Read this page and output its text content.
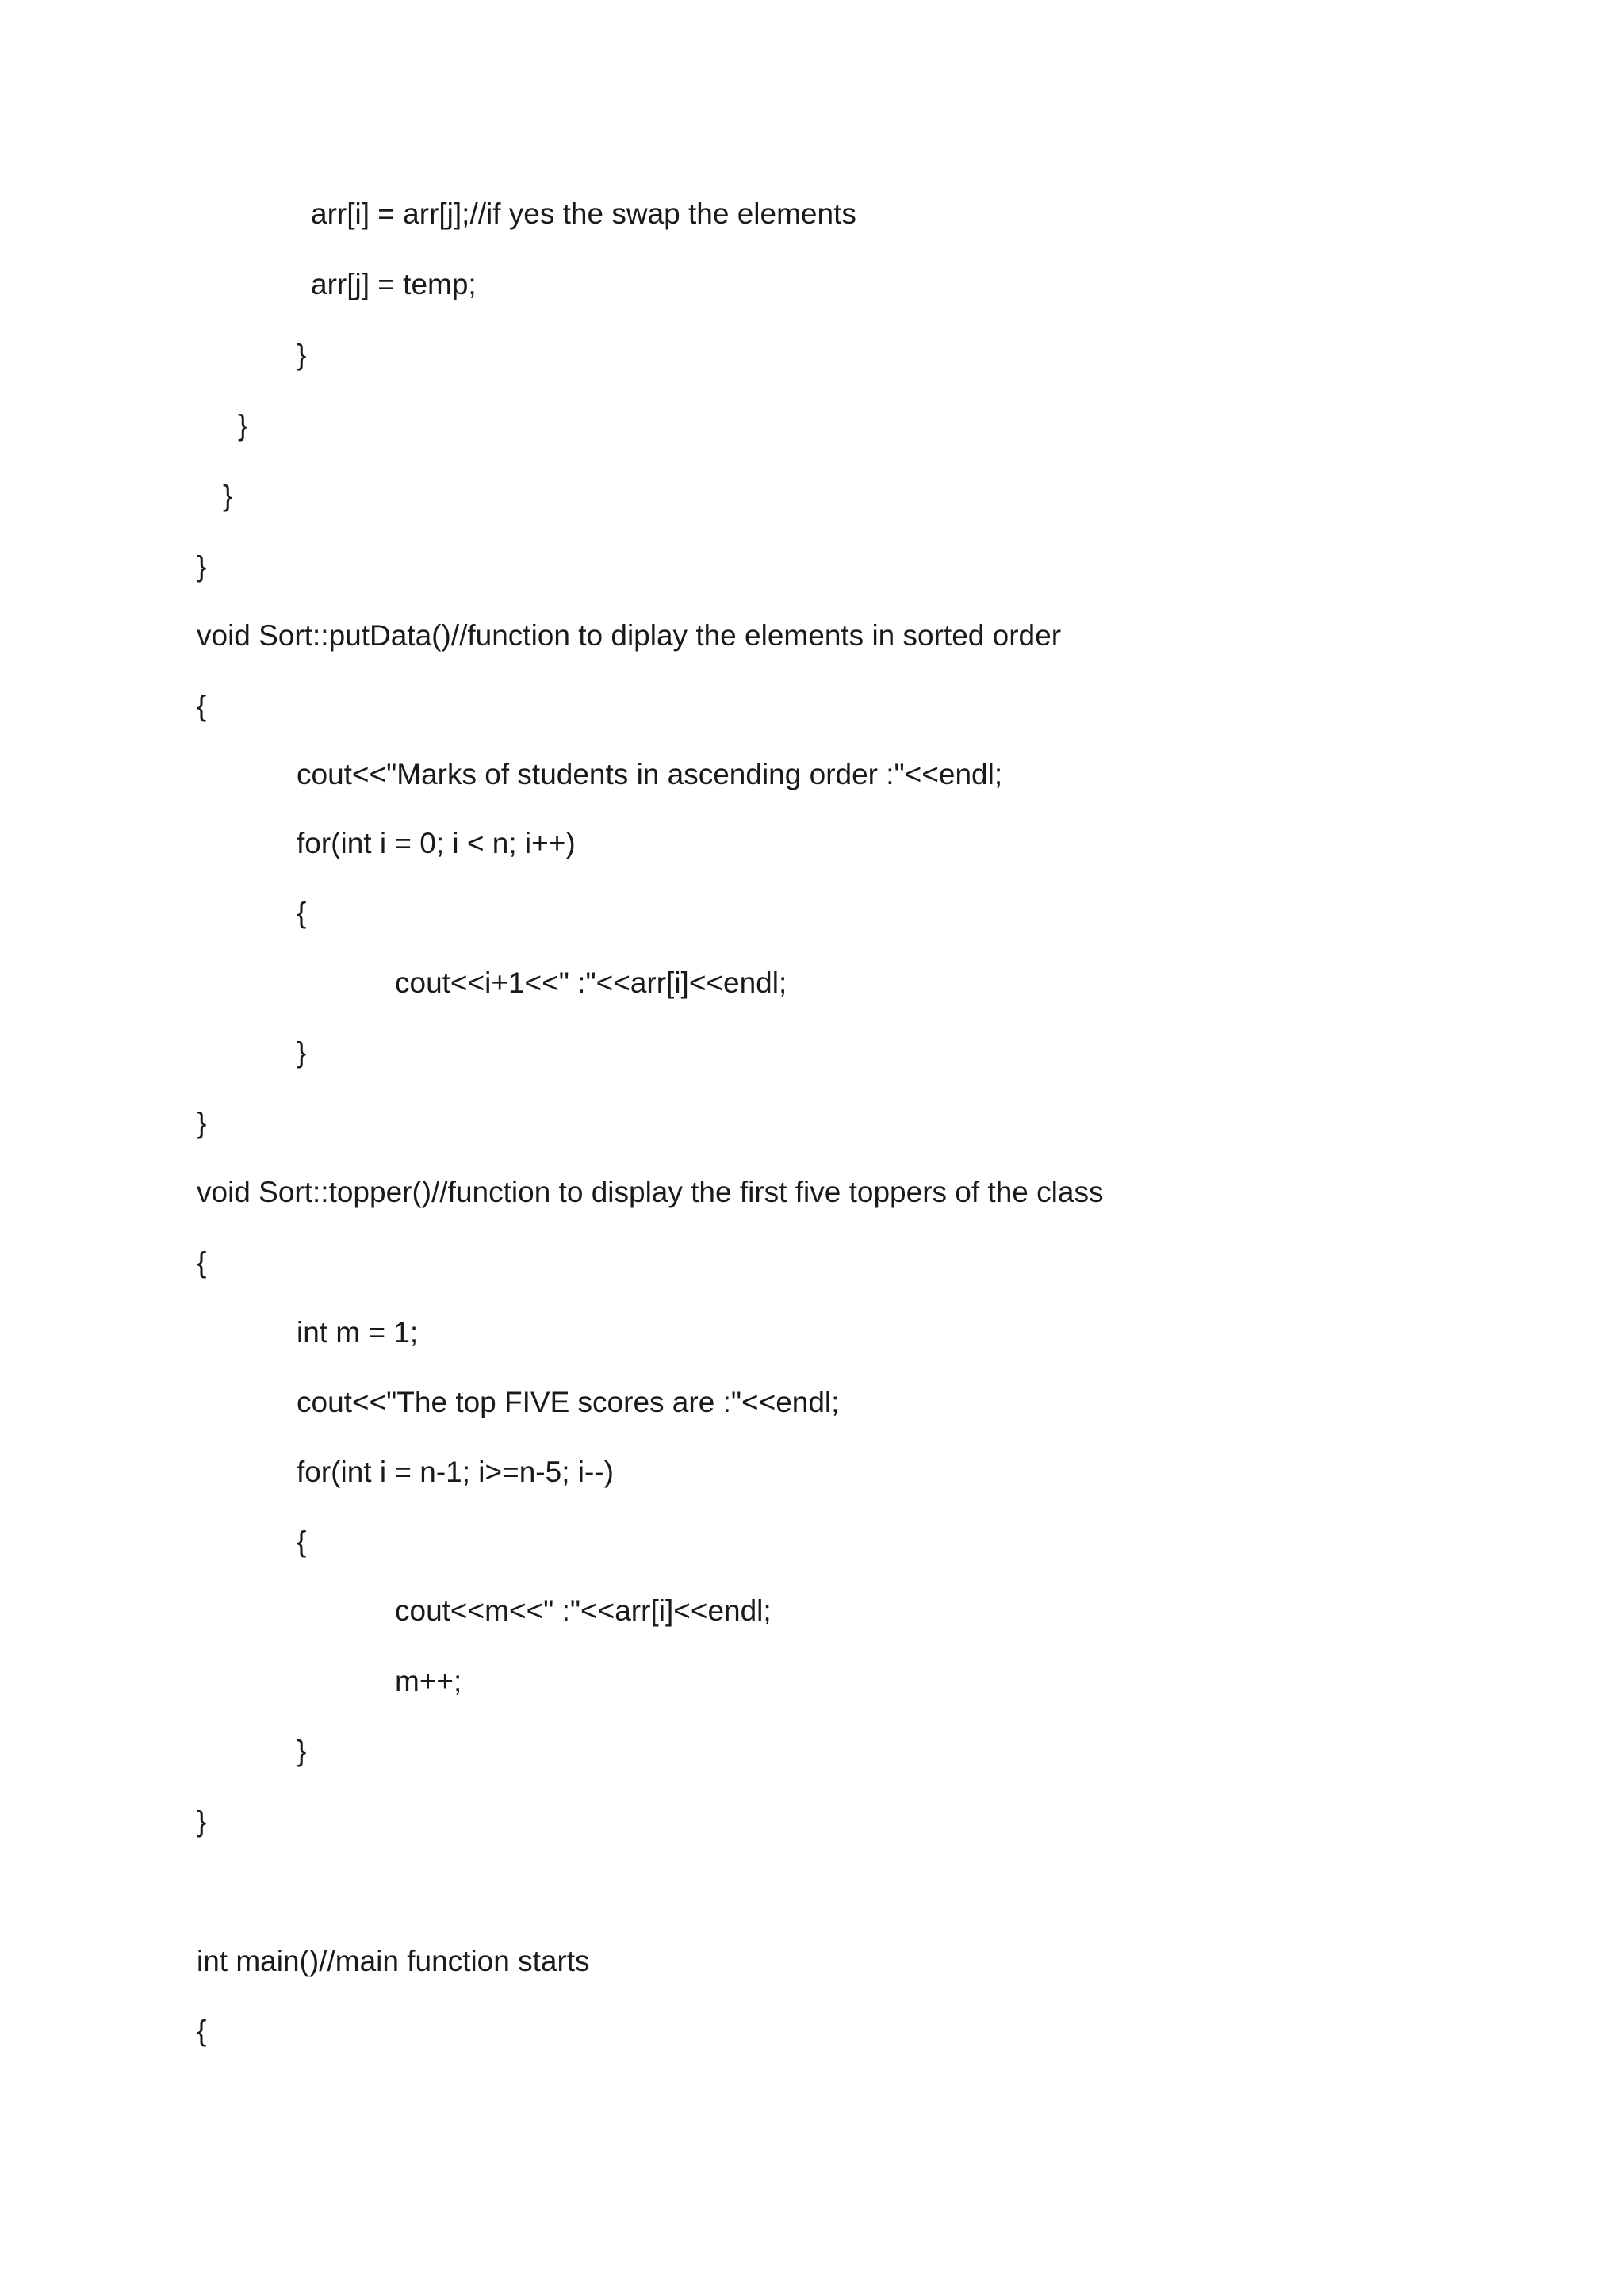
arr[i] = arr[j];//if yes the swap the elements

arr[j] = temp;

}

}

}

}

void Sort::putData()//function to diplay the elements in sorted order

{

cout<<"Marks of students in ascending order :"<<endl;

for(int i = 0; i < n; i++)

{

cout<<i+1<<" :"<<arr[i]<<endl;

}

}

void Sort::topper()//function to display the first five toppers of the class

{

int m = 1;

cout<<"The top FIVE scores are :"<<endl;

for(int i = n-1; i>=n-5; i--)

{

cout<<m<<" :"<<arr[i]<<endl;

m++;

}

}

int main()//main function starts

{
